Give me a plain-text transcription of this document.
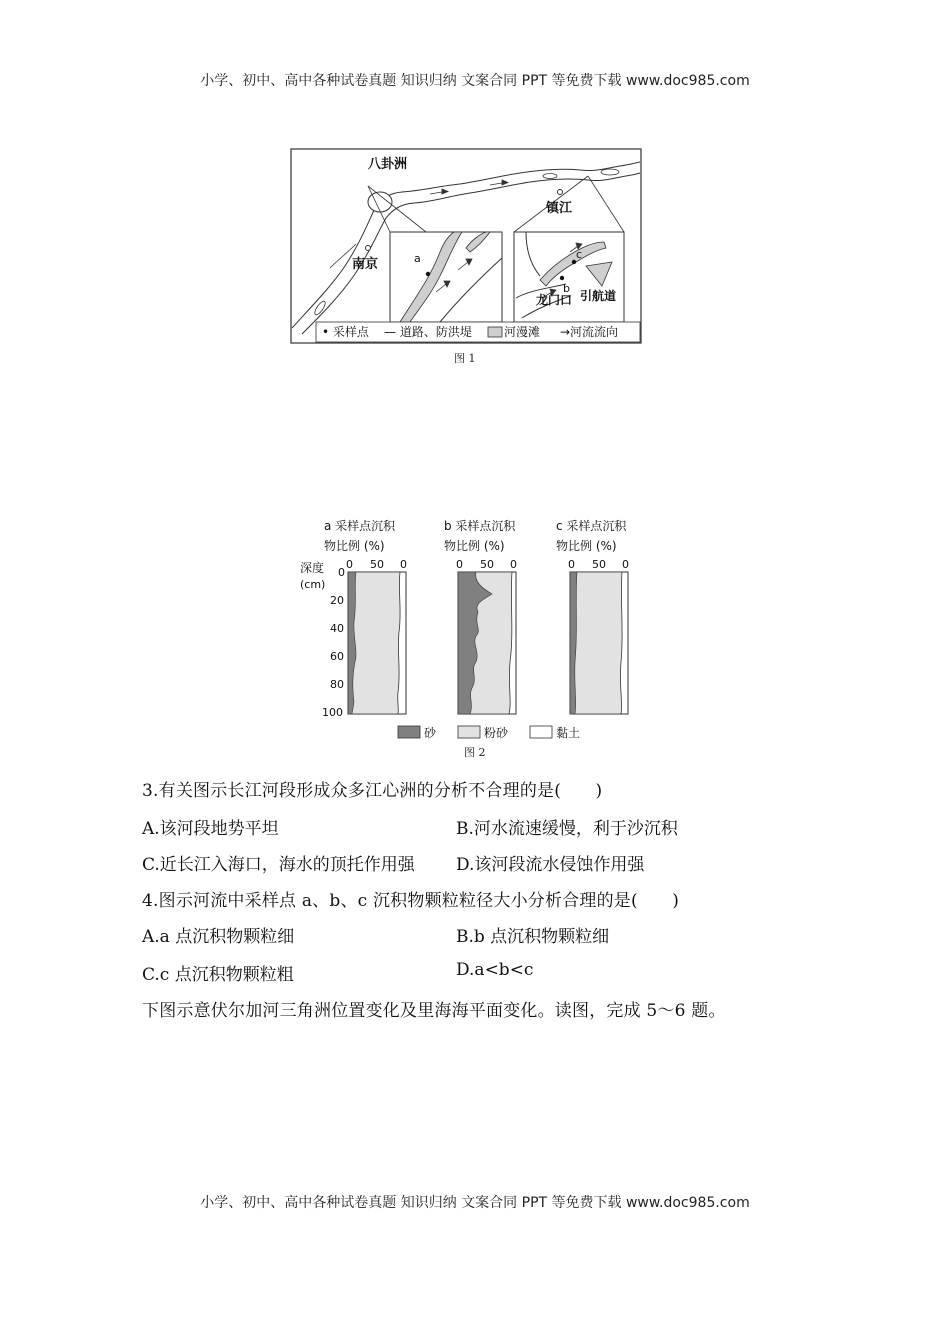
小学、初中、高中各种试卷真题 知识归纳 文案合同 PPT 等免费下载 www.doc985.com
八卦洲
镇江
南京	a
b
c
龙门口 引航道
• 采样点 — 道路、防洪堤	河漫滩 →河流流向
图 1
a 采样点沉积
物比例 (%)
b 采样点沉积
物比例 (%)
c 采样点沉积
物比例 (%)
深度
(cm)
0
20
40
60
80
100
0 50 0	0 50 0	0 50 0
砂	粉砂	黏土
图 2
3.有关图示长江河段形成众多江心洲的分析不合理的是(　　)
A.该河段地势平坦	B.河水流速缓慢，利于沙沉积
C.近长江入海口，海水的顶托作用强 D.该河段流水侵蚀作用强
4.图示河流中采样点 a、b、c 沉积物颗粒粒径大小分析合理的是(　　)
A.a 点沉积物颗粒细	B.b 点沉积物颗粒细
C.c 点沉积物颗粒粗	D.a<b<c
下图示意伏尔加河三角洲位置变化及里海海平面变化。读图，完成 5～6 题。
小学、初中、高中各种试卷真题 知识归纳 文案合同 PPT 等免费下载 www.doc985.com
